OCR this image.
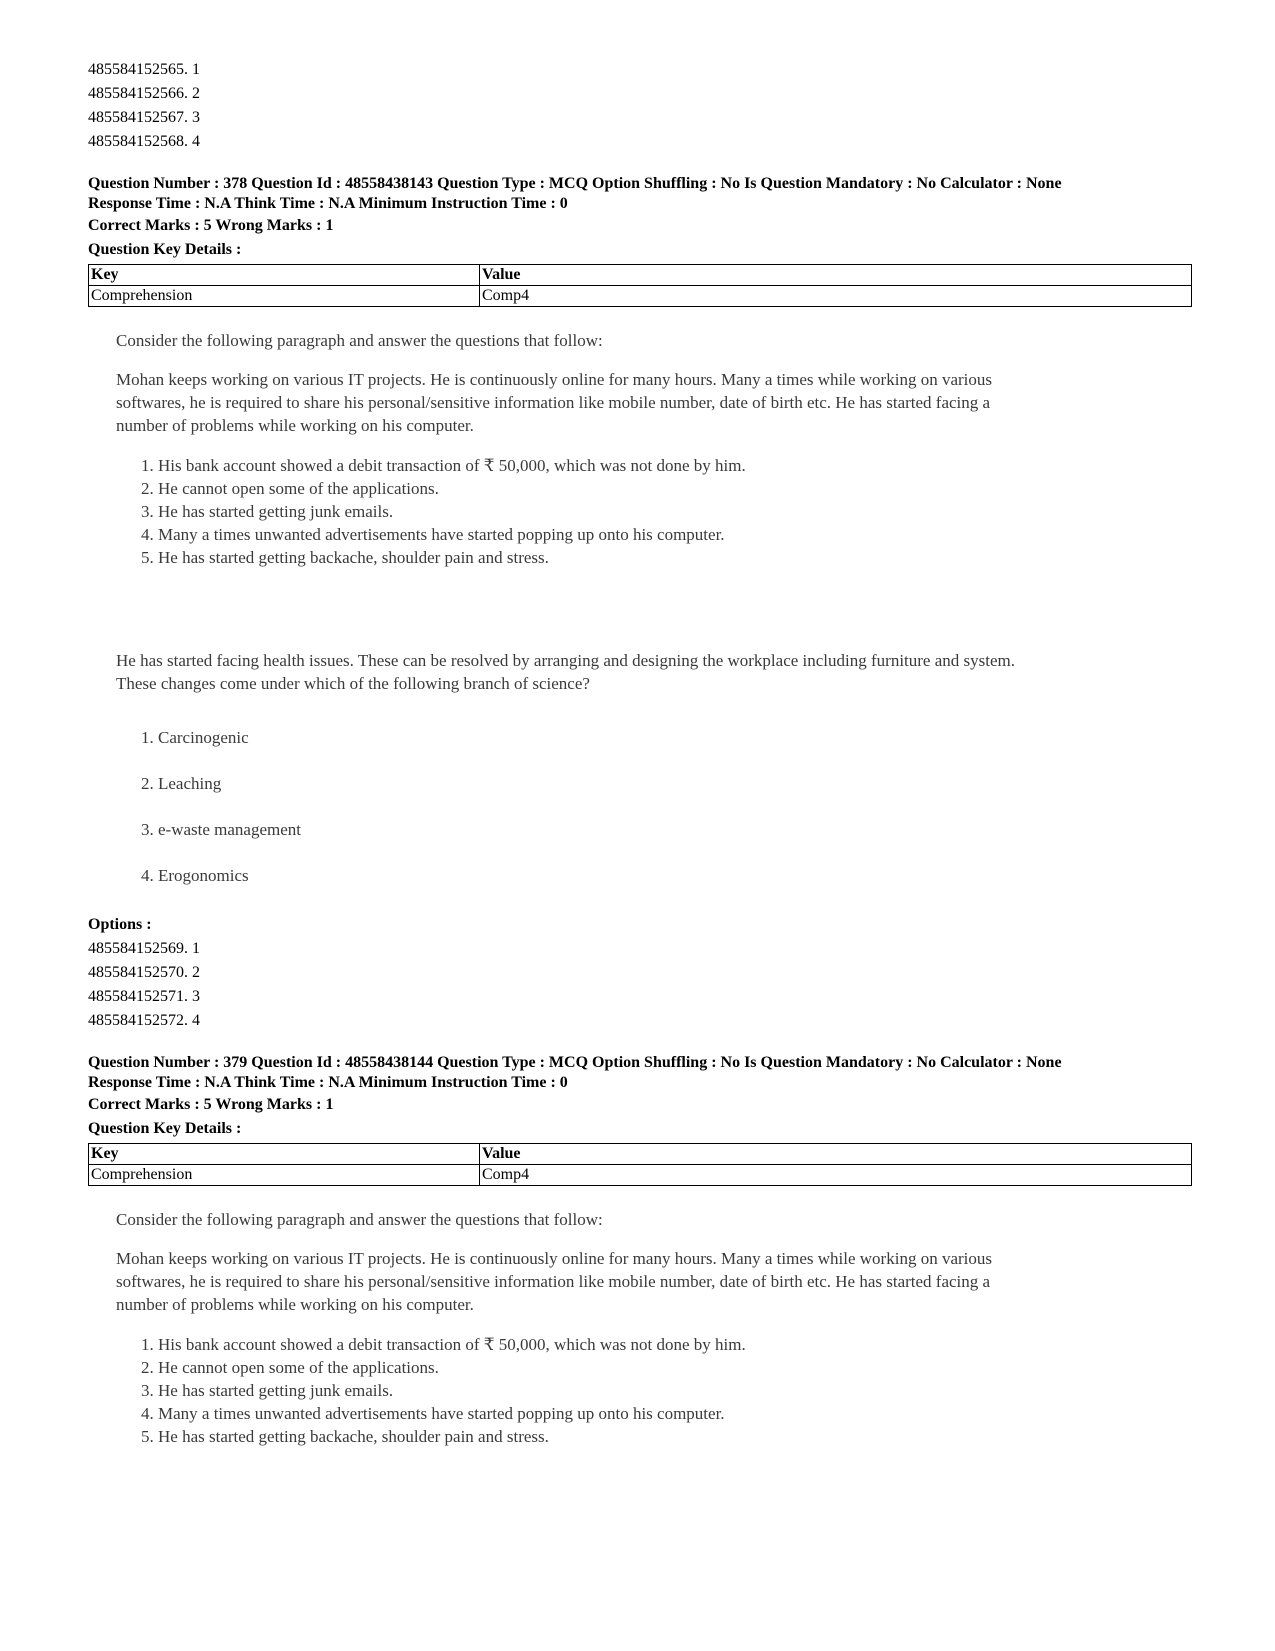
485584152565. 1
485584152566. 2
485584152567. 3
485584152568. 4
Question Number : 378 Question Id : 48558438143 Question Type : MCQ Option Shuffling : No Is Question Mandatory : No Calculator : None
Response Time : N.A Think Time : N.A Minimum Instruction Time : 0
Correct Marks : 5 Wrong Marks : 1
Question Key Details :
Key	Value
Comprehension	Comp4

Consider the following paragraph and answer the questions that follow:

Mohan keeps working on various IT projects. He is continuously online for many hours. Many a times while working on various softwares, he is required to share his personal/sensitive information like mobile number, date of birth etc. He has started facing a number of problems while working on his computer.

1. His bank account showed a debit transaction of ₹ 50,000, which was not done by him.
2. He cannot open some of the applications.
3. He has started getting junk emails.
4. Many a times unwanted advertisements have started popping up onto his computer.
5. He has started getting backache, shoulder pain and stress.

He has started facing health issues. These can be resolved by arranging and designing the workplace including furniture and system. These changes come under which of the following branch of science?

1. Carcinogenic
2. Leaching
3. e-waste management
4. Erogonomics
Options :
485584152569. 1
485584152570. 2
485584152571. 3
485584152572. 4
Question Number : 379 Question Id : 48558438144 Question Type : MCQ Option Shuffling : No Is Question Mandatory : No Calculator : None
Response Time : N.A Think Time : N.A Minimum Instruction Time : 0
Correct Marks : 5 Wrong Marks : 1
Question Key Details :
Key	Value
Comprehension	Comp4

Consider the following paragraph and answer the questions that follow:

Mohan keeps working on various IT projects. He is continuously online for many hours. Many a times while working on various softwares, he is required to share his personal/sensitive information like mobile number, date of birth etc. He has started facing a number of problems while working on his computer.

1. His bank account showed a debit transaction of ₹ 50,000, which was not done by him.
2. He cannot open some of the applications.
3. He has started getting junk emails.
4. Many a times unwanted advertisements have started popping up onto his computer.
5. He has started getting backache, shoulder pain and stress.
